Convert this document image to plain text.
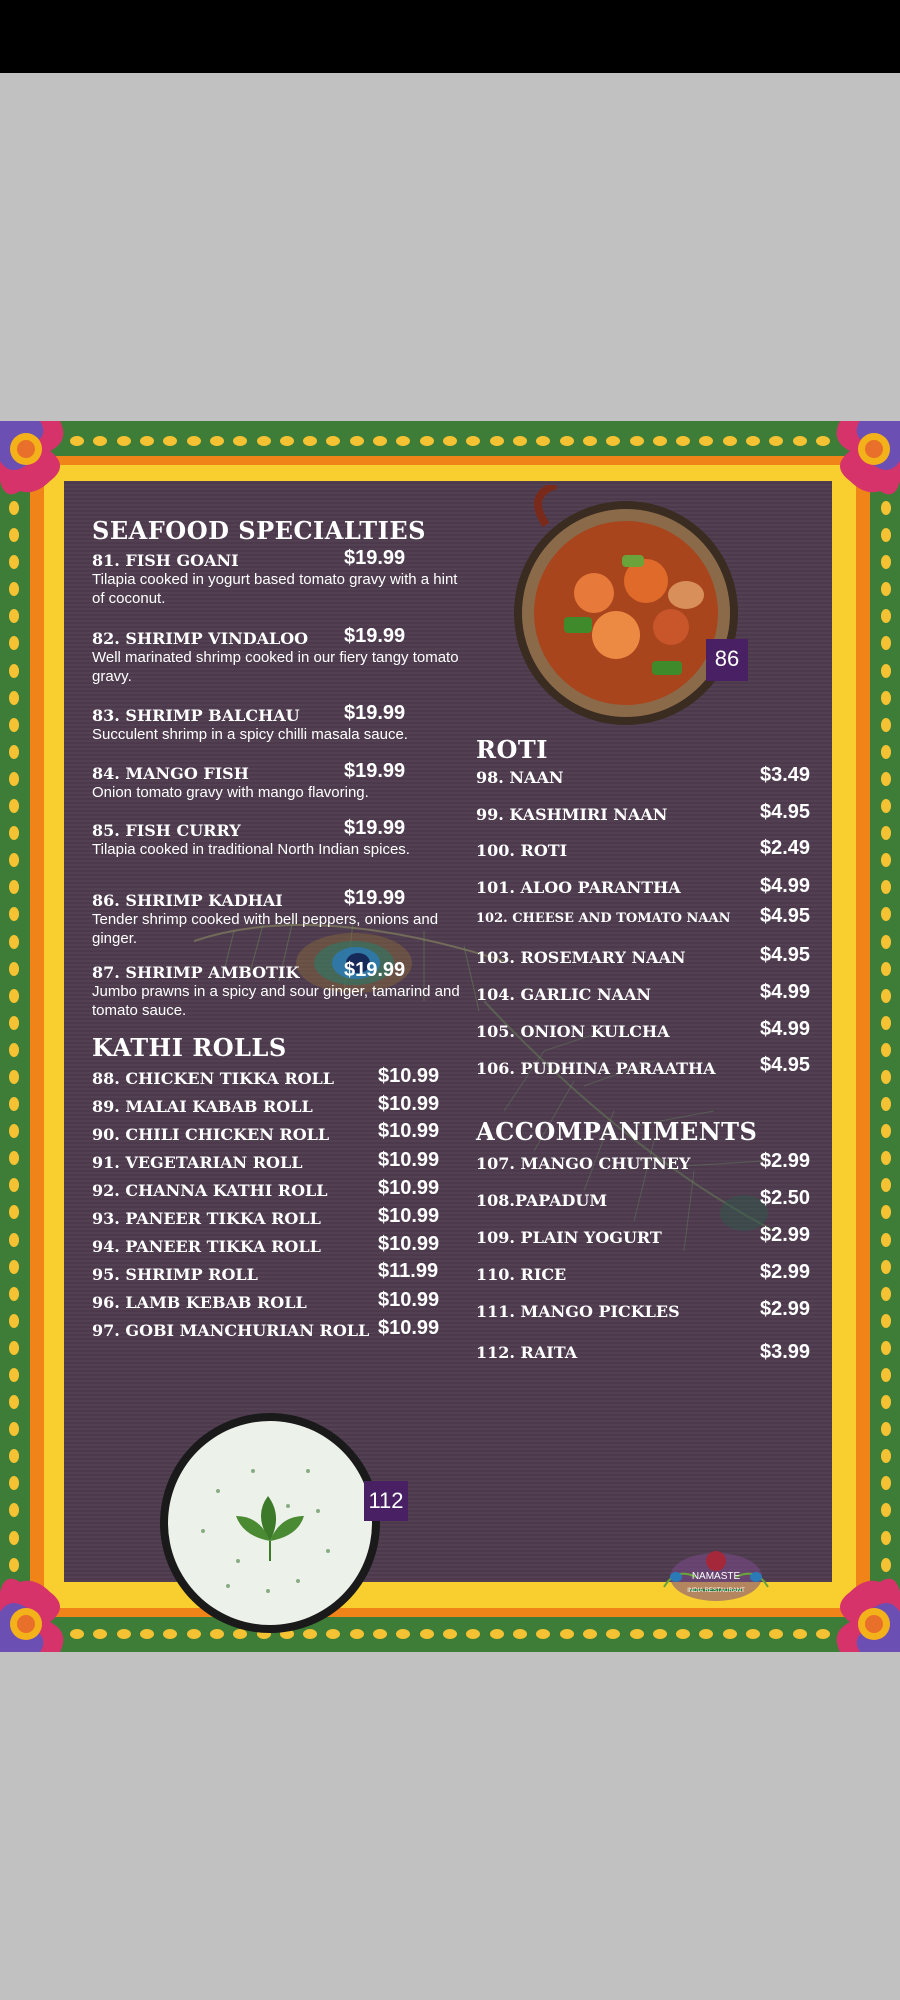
SEAFOOD SPECIALTIES
81. FISH GOANI	$19.99
Tilapia cooked in yogurt based tomato gravy with a hint of coconut.
82. SHRIMP VINDALOO $19.99
Well marinated shrimp cooked in our fiery tangy tomato gravy.
83. SHRIMP BALCHAU $19.99
Succulent shrimp in a spicy chilli masala sauce.
84. MANGO FISH	$19.99
Onion tomato gravy with mango flavoring.
85. FISH CURRY	$19.99
Tilapia cooked in traditional North Indian spices.
86. SHRIMP KADHAI	$19.99
Tender shrimp cooked with bell peppers, onions and ginger.
87. SHRIMP AMBOTIK $19.99
Jumbo prawns in a spicy and sour ginger, tamarind and tomato sauce.
KATHI ROLLS
88. CHICKEN TIKKA ROLL $10.99
89. MALAI KABAB ROLL	$10.99
90. CHILI CHICKEN ROLL $10.99
91. VEGETARIAN ROLL	$10.99
92. CHANNA KATHI ROLL	$10.99
93. PANEER TIKKA ROLL	$10.99
94. PANEER TIKKA ROLL	$10.99
95. SHRIMP ROLL	$11.99
96. LAMB KEBAB ROLL	$10.99
97. GOBI MANCHURIAN ROLL $10.99
ROTI
98. NAAN	$3.49
99. KASHMIRI NAAN	$4.95
100. ROTI	$2.49
101. ALOO PARANTHA	$4.99
102. CHEESE AND TOMATO NAAN $4.95
103. ROSEMARY NAAN	$4.95
104. GARLIC NAAN	$4.99
105. ONION KULCHA	$4.99
106. PUDHINA PARAATHA $4.95
ACCOMPANIMENTS
107. MANGO CHUTNEY	$2.99
108.PAPADUM	$2.50
109. PLAIN YOGURT	$2.99
110. RICE	$2.99
111. MANGO PICKLES	$2.99
112. RAITA	$3.99
86
112
NAMASTE
INDIA RESTAURANT
